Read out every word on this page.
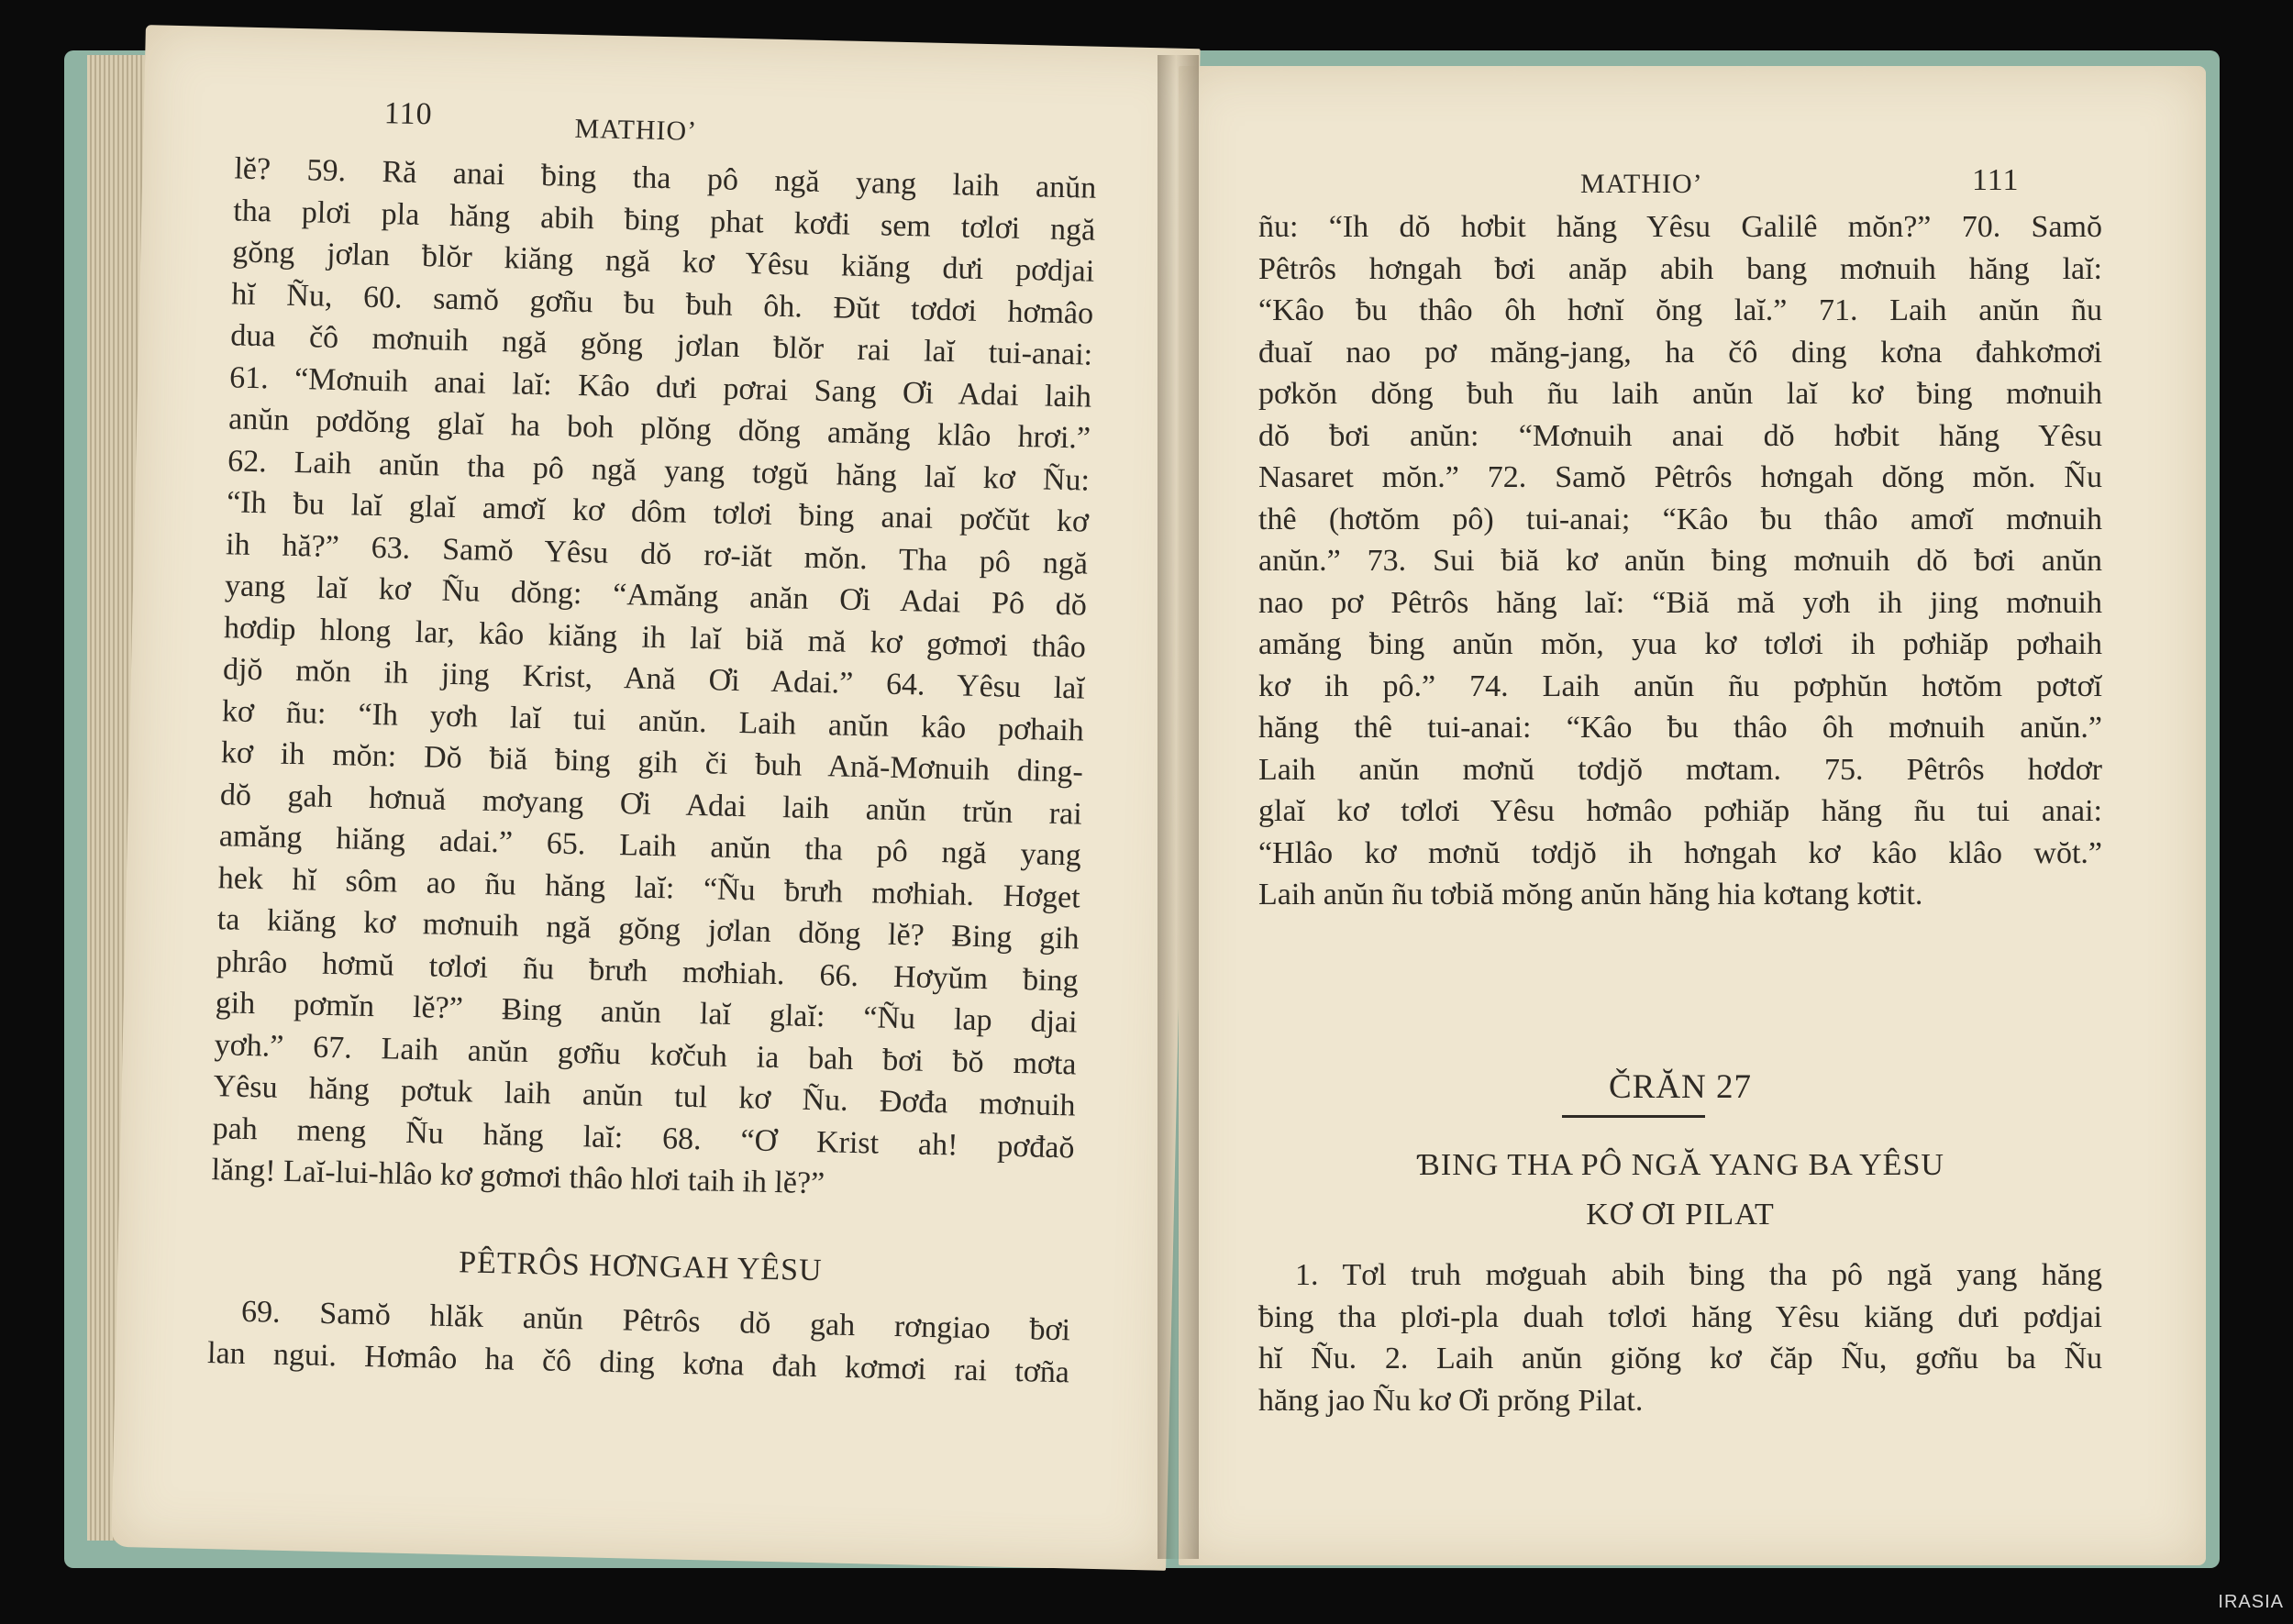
110	MATHIO’
lĕ? 59. Ră anai ƀing tha pô ngă yang laih anŭn
tha plơi pla hăng abih ƀing phat kơđi sem tơlơi ngă
gŏng jơlan ƀlŏr kiăng ngă kơ Yêsu kiăng dưi pơdjai
hĭ Ñu, 60. samŏ gơñu ƀu ƀuh ôh. Đŭt tơdơi hơmâo
dua čô mơnuih ngă gŏng jơlan ƀlŏr rai laĭ tui-anai:
61. “Mơnuih anai laĭ: Kâo dưi pơrai Sang Ơi Adai laih
anŭn pơdŏng glaĭ ha boh plŏng dŏng amăng klâo hrơi.”
62. Laih anŭn tha pô ngă yang tơgŭ hăng laĭ kơ Ñu:
“Ih ƀu laĭ glaĭ amơĭ kơ dôm tơlơi ƀing anai pơčŭt kơ
ih hă?” 63. Samŏ Yêsu dŏ rơ-iăt mŏn. Tha pô ngă
yang laĭ kơ Ñu dŏng: “Amăng anăn Ơi Adai Pô dŏ
hơdip hlong lar, kâo kiăng ih laĭ biă mă kơ gơmơi thâo
djŏ mŏn ih jing Krist, Ană Ơi Adai.” 64. Yêsu laĭ
kơ ñu: “Ih yơh laĭ tui anŭn. Laih anŭn kâo pơhaih
kơ ih mŏn: Dŏ ƀiă ƀing gih či ƀuh Ană-Mơnuih ding-
dŏ gah hơnuă mơyang Ơi Adai laih anŭn trŭn rai
amăng hiăng adai.” 65. Laih anŭn tha pô ngă yang
hek hĭ sôm ao ñu hăng laĭ: “Ñu ƀrưh mơhiah. Hơget
ta kiăng kơ mơnuih ngă gŏng jơlan dŏng lĕ? Ƀing gih
phrâo hơmŭ tơlơi ñu ƀrưh mơhiah. 66. Hơyŭm ƀing
gih pơmĭn lĕ?” Ƀing anŭn laĭ glaĭ: “Ñu lap djai
yơh.” 67. Laih anŭn gơñu kơčuh ia bah ƀơi ƀŏ mơta
Yêsu hăng pơtuk laih anŭn tul kơ Ñu. Đơđa mơnuih
pah meng Ñu hăng laĭ: 68. “Ơ Krist ah! pơđaŏ
lăng! Laĭ-lui-hlâo kơ gơmơi thâo hlơi taih ih lĕ?”
PÊTRÔS HƠNGAH YÊSU
69. Samŏ hlăk anŭn Pêtrôs dŏ gah rơngiao ƀơi
lan ngui. Hơmâo ha čô ding kơna đah kơmơi rai tơña
MATHIO’	111
ñu: “Ih dŏ hơbit hăng Yêsu Galilê mŏn?” 70. Samŏ
Pêtrôs hơngah ƀơi anăp abih bang mơnuih hăng laĭ:
“Kâo ƀu thâo ôh hơnĭ ŏng laĭ.” 71. Laih anŭn ñu
đuaĭ nao pơ măng-jang, ha čô ding kơna đahkơmơi
pơkŏn dŏng ƀuh ñu laih anŭn laĭ kơ ƀing mơnuih
dŏ ƀơi anŭn: “Mơnuih anai dŏ hơbit hăng Yêsu
Nasaret mŏn.” 72. Samŏ Pêtrôs hơngah dŏng mŏn. Ñu
thê (hơtŏm pô) tui-anai; “Kâo ƀu thâo amơĭ mơnuih
anŭn.” 73. Sui ƀiă kơ anŭn ƀing mơnuih dŏ ƀơi anŭn
nao pơ Pêtrôs hăng laĭ: “Biă mă yơh ih jing mơnuih
amăng ƀing anŭn mŏn, yua kơ tơlơi ih pơhiăp pơhaih
kơ ih pô.” 74. Laih anŭn ñu pơphŭn hơtŏm pơtơĭ
hăng thê tui-anai: “Kâo ƀu thâo ôh mơnuih anŭn.”
Laih anŭn mơnŭ tơdjŏ mơtam. 75. Pêtrôs hơdơr
glaĭ kơ tơlơi Yêsu hơmâo pơhiăp hăng ñu tui anai:
“Hlâo kơ mơnŭ tơdjŏ ih hơngah kơ kâo klâo wŏt.”
Laih anŭn ñu tơbiă mŏng anŭn hăng hia kơtang kơtit.
ČRĂN 27
ƁING THA PÔ NGĂ YANG BA YÊSU
KƠ ƠI PILAT
1. Tơl truh mơguah abih ƀing tha pô ngă yang hăng
ƀing tha plơi-pla duah tơlơi hăng Yêsu kiăng dưi pơdjai
hĭ Ñu. 2. Laih anŭn giŏng kơ čăp Ñu, gơñu ba Ñu
hăng jao Ñu kơ Ơi prŏng Pilat.
IRASIA
